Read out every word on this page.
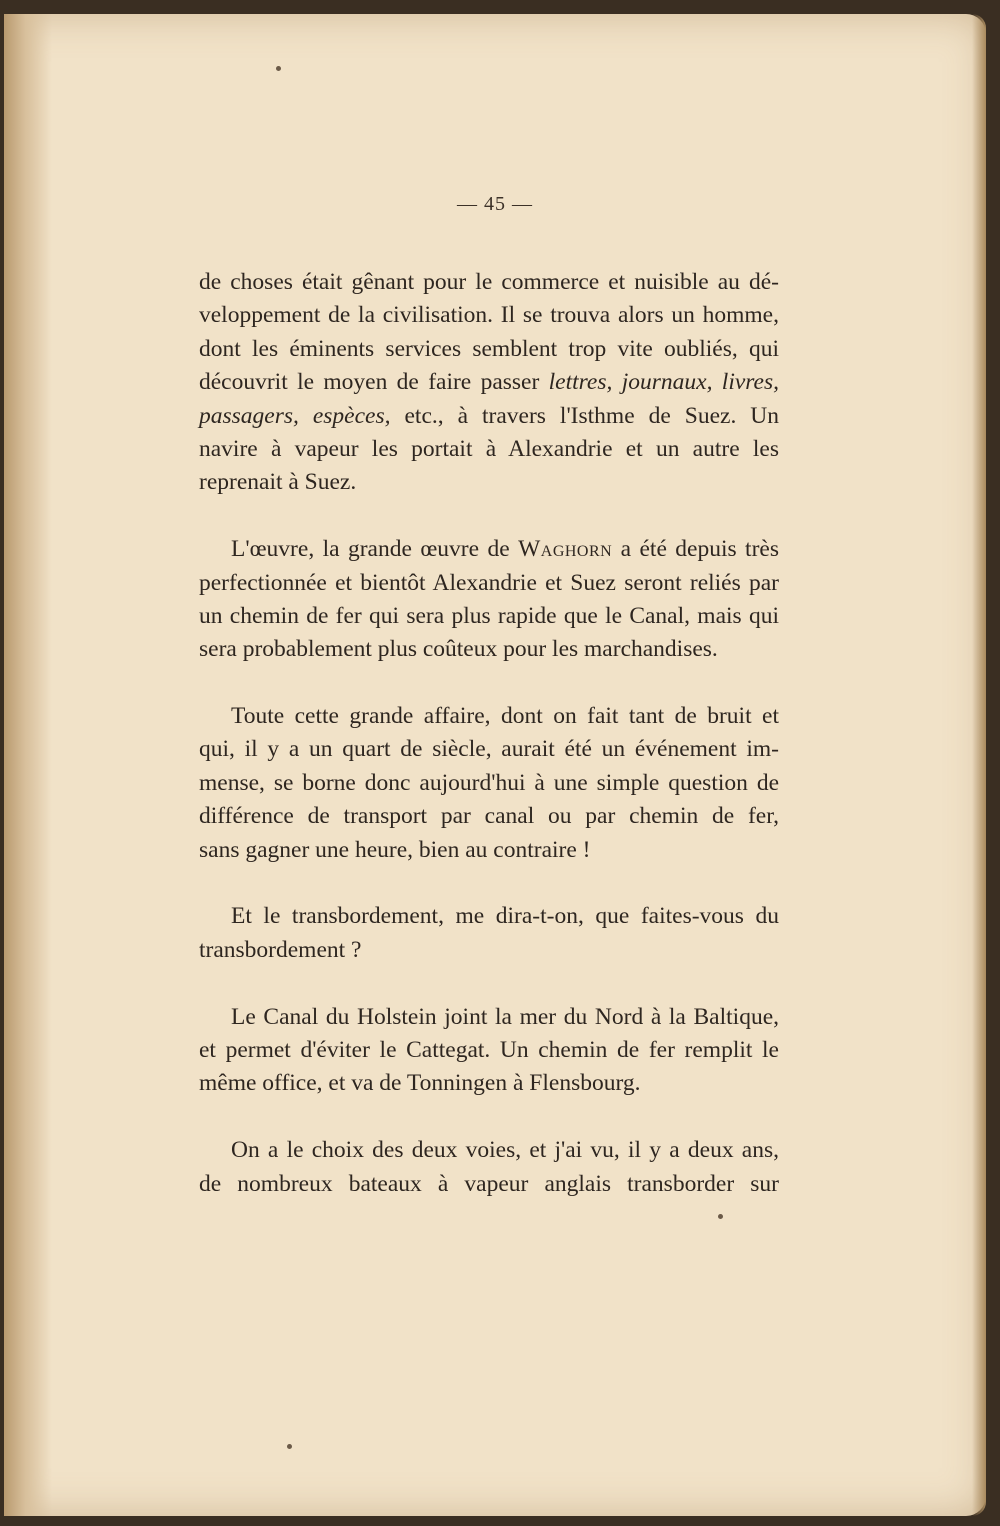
— 45 —
de choses était gênant pour le commerce et nuisible au dé-
veloppement de la civilisation. Il se trouva alors un homme,
dont les éminents services semblent trop vite oubliés, qui
découvrit le moyen de faire passer lettres, journaux, livres,
passagers, espèces, etc., à travers l'Isthme de Suez. Un
navire à vapeur les portait à Alexandrie et un autre les
reprenait à Suez.
L'œuvre, la grande œuvre de Waghorn a été depuis très
perfectionnée et bientôt Alexandrie et Suez seront reliés par
un chemin de fer qui sera plus rapide que le Canal, mais qui
sera probablement plus coûteux pour les marchandises.
Toute cette grande affaire, dont on fait tant de bruit et
qui, il y a un quart de siècle, aurait été un événement im-
mense, se borne donc aujourd'hui à une simple question de
différence de transport par canal ou par chemin de fer,
sans gagner une heure, bien au contraire !
Et le transbordement, me dira-t-on, que faites-vous du
transbordement ?
Le Canal du Holstein joint la mer du Nord à la Baltique,
et permet d'éviter le Cattegat. Un chemin de fer remplit le
même office, et va de Tonningen à Flensbourg.
On a le choix des deux voies, et j'ai vu, il y a deux ans,
de nombreux bateaux à vapeur anglais transborder sur
